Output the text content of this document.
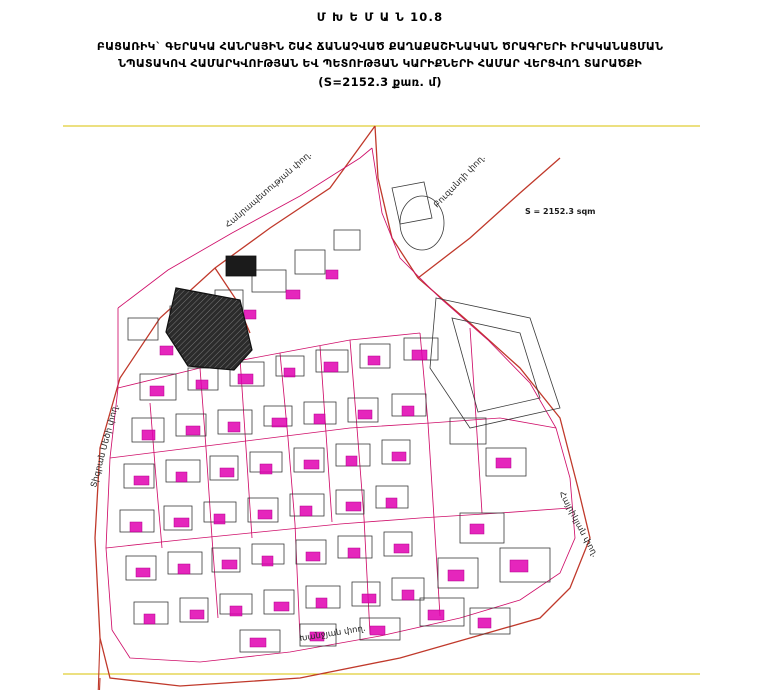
Մ Խ Ե Մ Ա Ն 10.8
ԲԱՑԱՌԻԿ` ԳԵՐԱԿԱ ՀԱՆՐԱՅԻՆ ՇԱՀ ՃԱՆԱՉՎԱԾ ՔԱՂԱՔԱՇԻՆԱԿԱՆ ԾՐԱԳՐԵՐԻ ԻՐԱԿԱՆԱՑՄԱՆ
ՆՊԱՏԱԿՈՎ ՀԱՄԱՐԿՎՈՒԹՅԱՆ ԵՎ ՊԵՏՈՒԹՅԱՆ ԿԱՐԻՔՆԵՐԻ ՀԱՄԱՐ ՎԵՐՑՎՈՂ ՏԱՐԱԾՔԻ
(S=2152.3 քառ. մ)
S = 2152.3 sqm
Հանրապետության փող.	Բուզանդի փող.
Տիգրան Մեծի փող.
Հայրիկյան փող.
Խանջյան փող.
